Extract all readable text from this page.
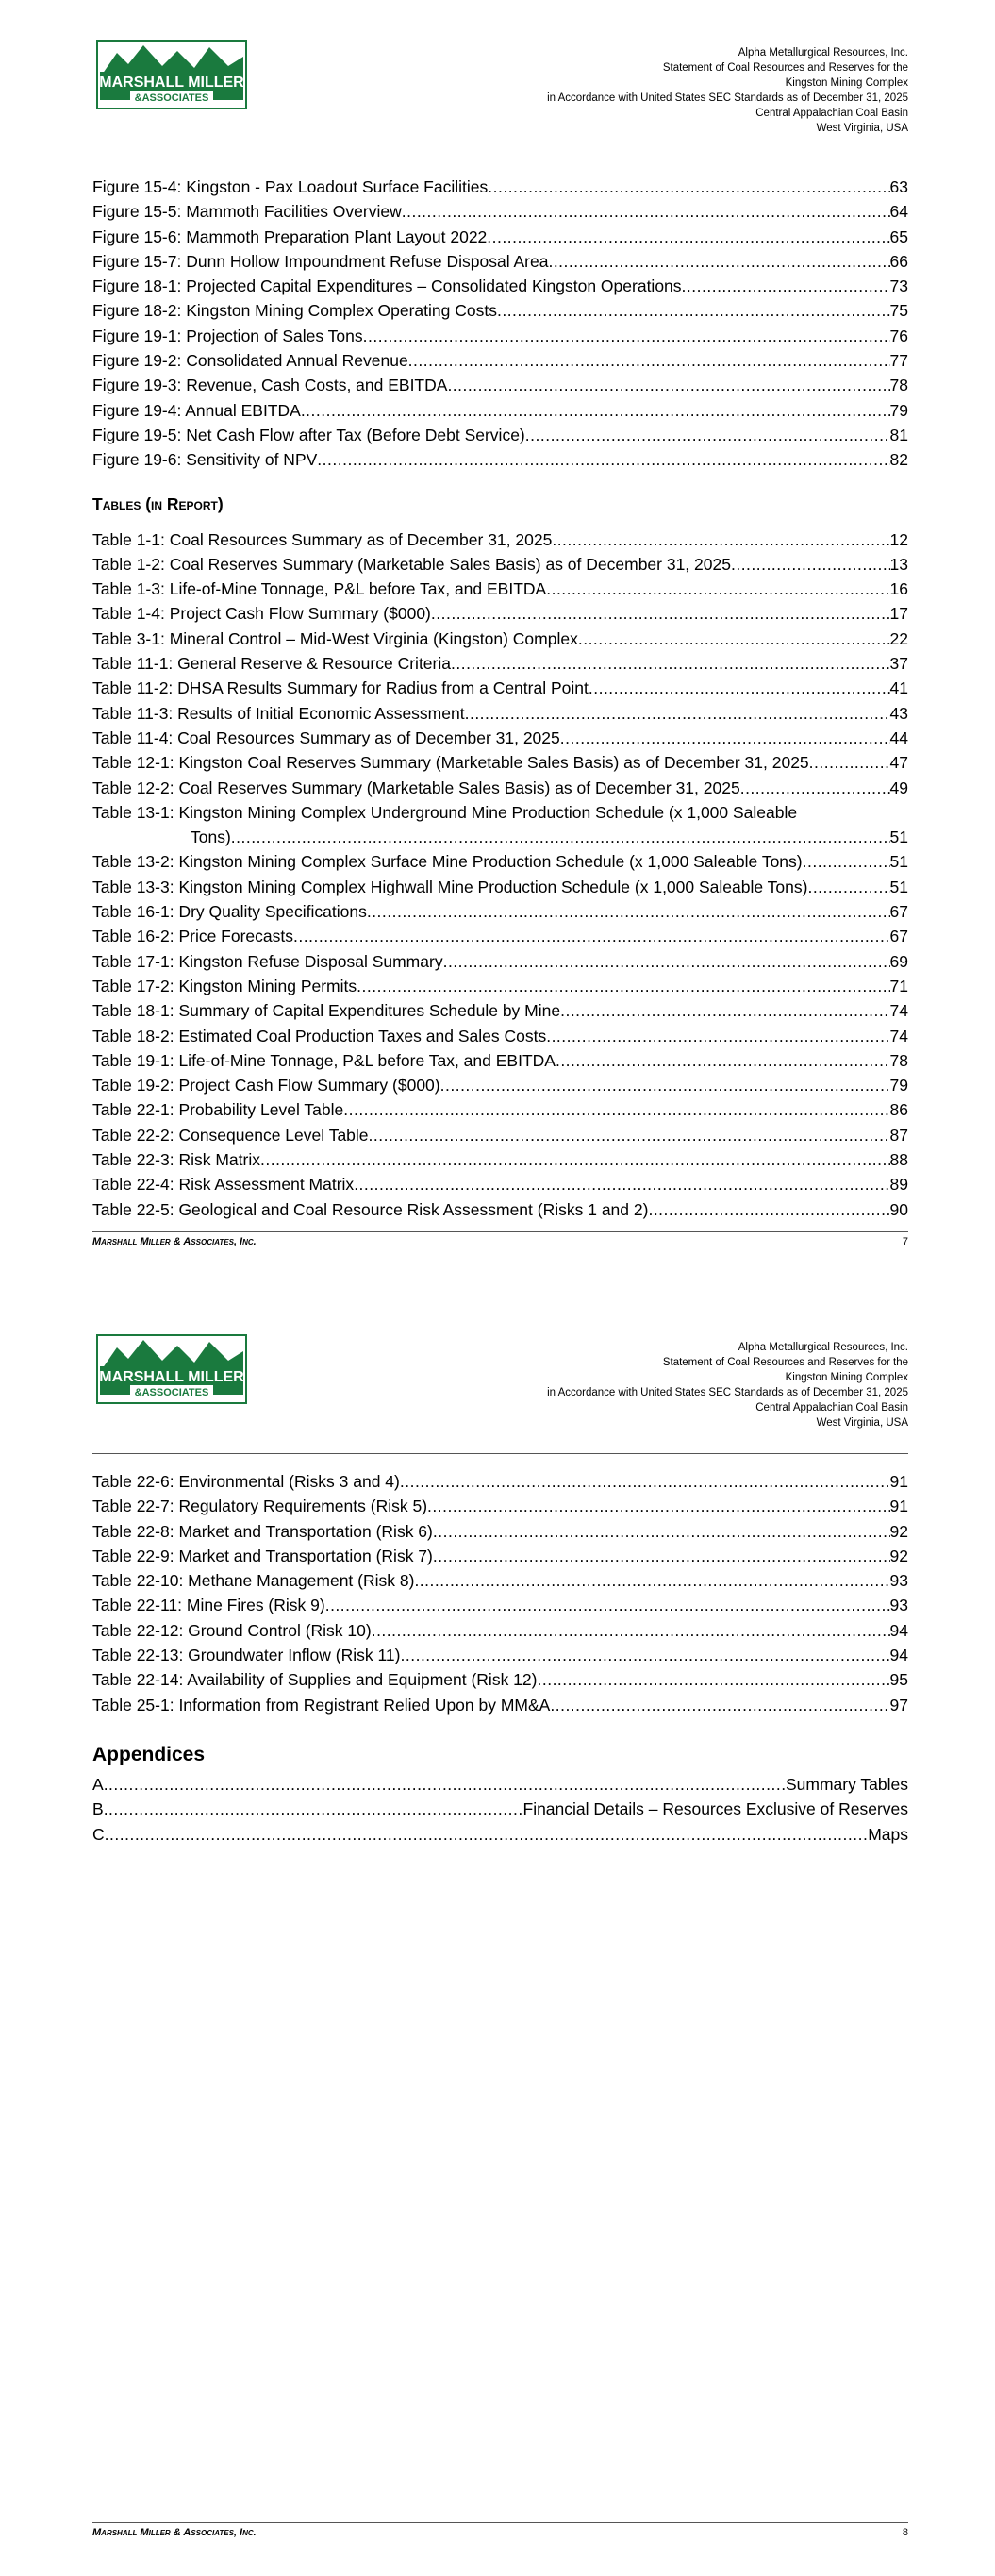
MARSHALL MILLER
&ASSOCIATES
Alpha Metallurgical Resources, Inc.
Statement of Coal Resources and Reserves for the
Kingston Mining Complex
in Accordance with United States SEC Standards as of December 31, 2025
Central Appalachian Coal Basin
West Virginia, USA
Figure 15-4: Kingston - Pax Loadout Surface Facilities .....	63
Figure 15-5: Mammoth Facilities Overview .....	64
Figure 15-6: Mammoth Preparation Plant Layout 2022 .....	65
Figure 15-7: Dunn Hollow Impoundment Refuse Disposal Area .....	66
Figure 18-1: Projected Capital Expenditures – Consolidated Kingston Operations .....	73
Figure 18-2: Kingston Mining Complex Operating Costs .....	75
Figure 19-1: Projection of Sales Tons .....	76
Figure 19-2: Consolidated Annual Revenue .....	77
Figure 19-3: Revenue, Cash Costs, and EBITDA .....	78
Figure 19-4: Annual EBITDA .....	79
Figure 19-5: Net Cash Flow after Tax (Before Debt Service) .....	81
Figure 19-6: Sensitivity of NPV .....	82
Tables (in Report)
Table 1-1: Coal Resources Summary as of December 31, 2025 .....	12
Table 1-2: Coal Reserves Summary (Marketable Sales Basis) as of December 31, 2025 .....	13
Table 1-3: Life-of-Mine Tonnage, P&L before Tax, and EBITDA .....	16
Table 1-4: Project Cash Flow Summary ($000) .....	17
Table 3-1: Mineral Control – Mid-West Virginia (Kingston) Complex .....	22
Table 11-1: General Reserve & Resource Criteria .....	37
Table 11-2: DHSA Results Summary for Radius from a Central Point .....	41
Table 11-3: Results of Initial Economic Assessment .....	43
Table 11-4: Coal Resources Summary as of December 31, 2025 .....	44
Table 12-1: Kingston Coal Reserves Summary (Marketable Sales Basis) as of December 31, 2025 .....	47
Table 12-2: Coal Reserves Summary (Marketable Sales Basis) as of December 31, 2025 .....	49
Table 13-1: Kingston Mining Complex Underground Mine Production Schedule (x 1,000 Saleable
Tons) .....	51
Table 13-2: Kingston Mining Complex Surface Mine Production Schedule (x 1,000 Saleable Tons) .....	51
Table 13-3: Kingston Mining Complex Highwall Mine Production Schedule (x 1,000 Saleable Tons) .....	51
Table 16-1: Dry Quality Specifications .....	67
Table 16-2: Price Forecasts .....	67
Table 17-1: Kingston Refuse Disposal Summary .....	69
Table 17-2: Kingston Mining Permits .....	71
Table 18-1: Summary of Capital Expenditures Schedule by Mine .....	74
Table 18-2: Estimated Coal Production Taxes and Sales Costs .....	74
Table 19-1: Life-of-Mine Tonnage, P&L before Tax, and EBITDA .....	78
Table 19-2: Project Cash Flow Summary ($000) .....	79
Table 22-1: Probability Level Table .....	86
Table 22-2: Consequence Level Table .....	87
Table 22-3: Risk Matrix .....	88
Table 22-4: Risk Assessment Matrix .....	89
Table 22-5: Geological and Coal Resource Risk Assessment (Risks 1 and 2) .....	90
Marshall Miller & Associates, Inc.	7
MARSHALL MILLER
&ASSOCIATES
Alpha Metallurgical Resources, Inc.
Statement of Coal Resources and Reserves for the
Kingston Mining Complex
in Accordance with United States SEC Standards as of December 31, 2025
Central Appalachian Coal Basin
West Virginia, USA
Table 22-6: Environmental (Risks 3 and 4) .....	91
Table 22-7: Regulatory Requirements (Risk 5) .....	91
Table 22-8: Market and Transportation (Risk 6) .....	92
Table 22-9: Market and Transportation (Risk 7) .....	92
Table 22-10: Methane Management (Risk 8) .....	93
Table 22-11: Mine Fires (Risk 9) .....	93
Table 22-12: Ground Control (Risk 10) .....	94
Table 22-13: Groundwater Inflow (Risk 11) .....	94
Table 22-14: Availability of Supplies and Equipment (Risk 12) .....	95
Table 25-1: Information from Registrant Relied Upon by MM&A .....	97
Appendices
A .....	Summary Tables
B .....	Financial Details – Resources Exclusive of Reserves
C .....	Maps
Marshall Miller & Associates, Inc.	8
